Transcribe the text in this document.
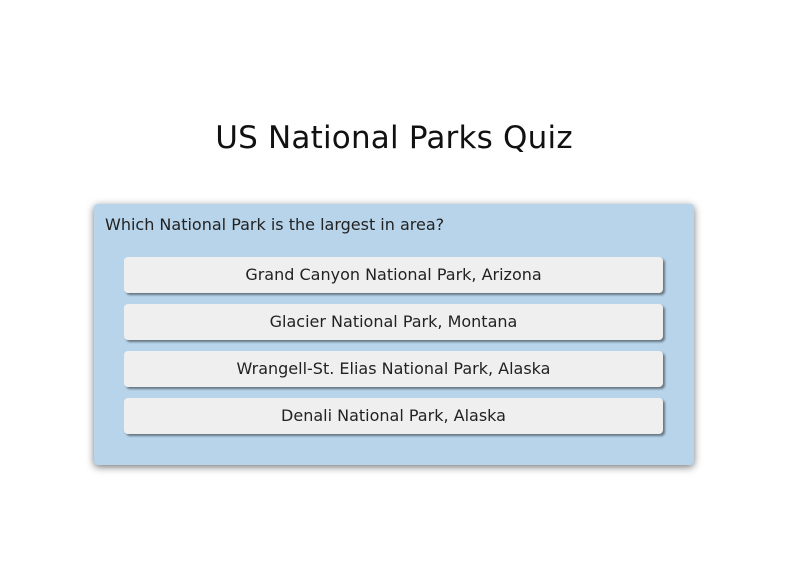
US National Parks Quiz

Which National Park is the largest in area?

Grand Canyon National Park, Arizona
Glacier National Park, Montana
Wrangell-St. Elias National Park, Alaska
Denali National Park, Alaska
